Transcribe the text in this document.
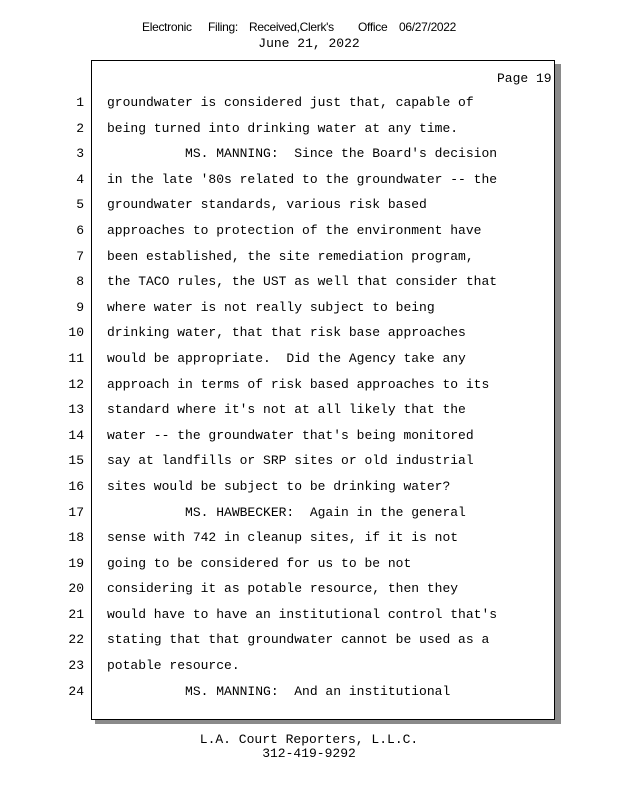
Electronic Filing: Received,Clerk's Office 06/27/2022
June 21, 2022
Page 19
1 groundwater is considered just that, capable of
2 being turned into drinking water at any time.
3 MS. MANNING:  Since the Board's decision
4 in the late '80s related to the groundwater -- the
5 groundwater standards, various risk based
6 approaches to protection of the environment have
7 been established, the site remediation program,
8 the TACO rules, the UST as well that consider that
9 where water is not really subject to being
10 drinking water, that that risk base approaches
11 would be appropriate.  Did the Agency take any
12 approach in terms of risk based approaches to its
13 standard where it's not at all likely that the
14 water -- the groundwater that's being monitored
15 say at landfills or SRP sites or old industrial
16 sites would be subject to be drinking water?
17 MS. HAWBECKER:  Again in the general
18 sense with 742 in cleanup sites, if it is not
19 going to be considered for us to be not
20 considering it as potable resource, then they
21 would have to have an institutional control that's
22 stating that that groundwater cannot be used as a
23 potable resource.
24 MS. MANNING:  And an institutional
L.A. Court Reporters, L.L.C.
312-419-9292
